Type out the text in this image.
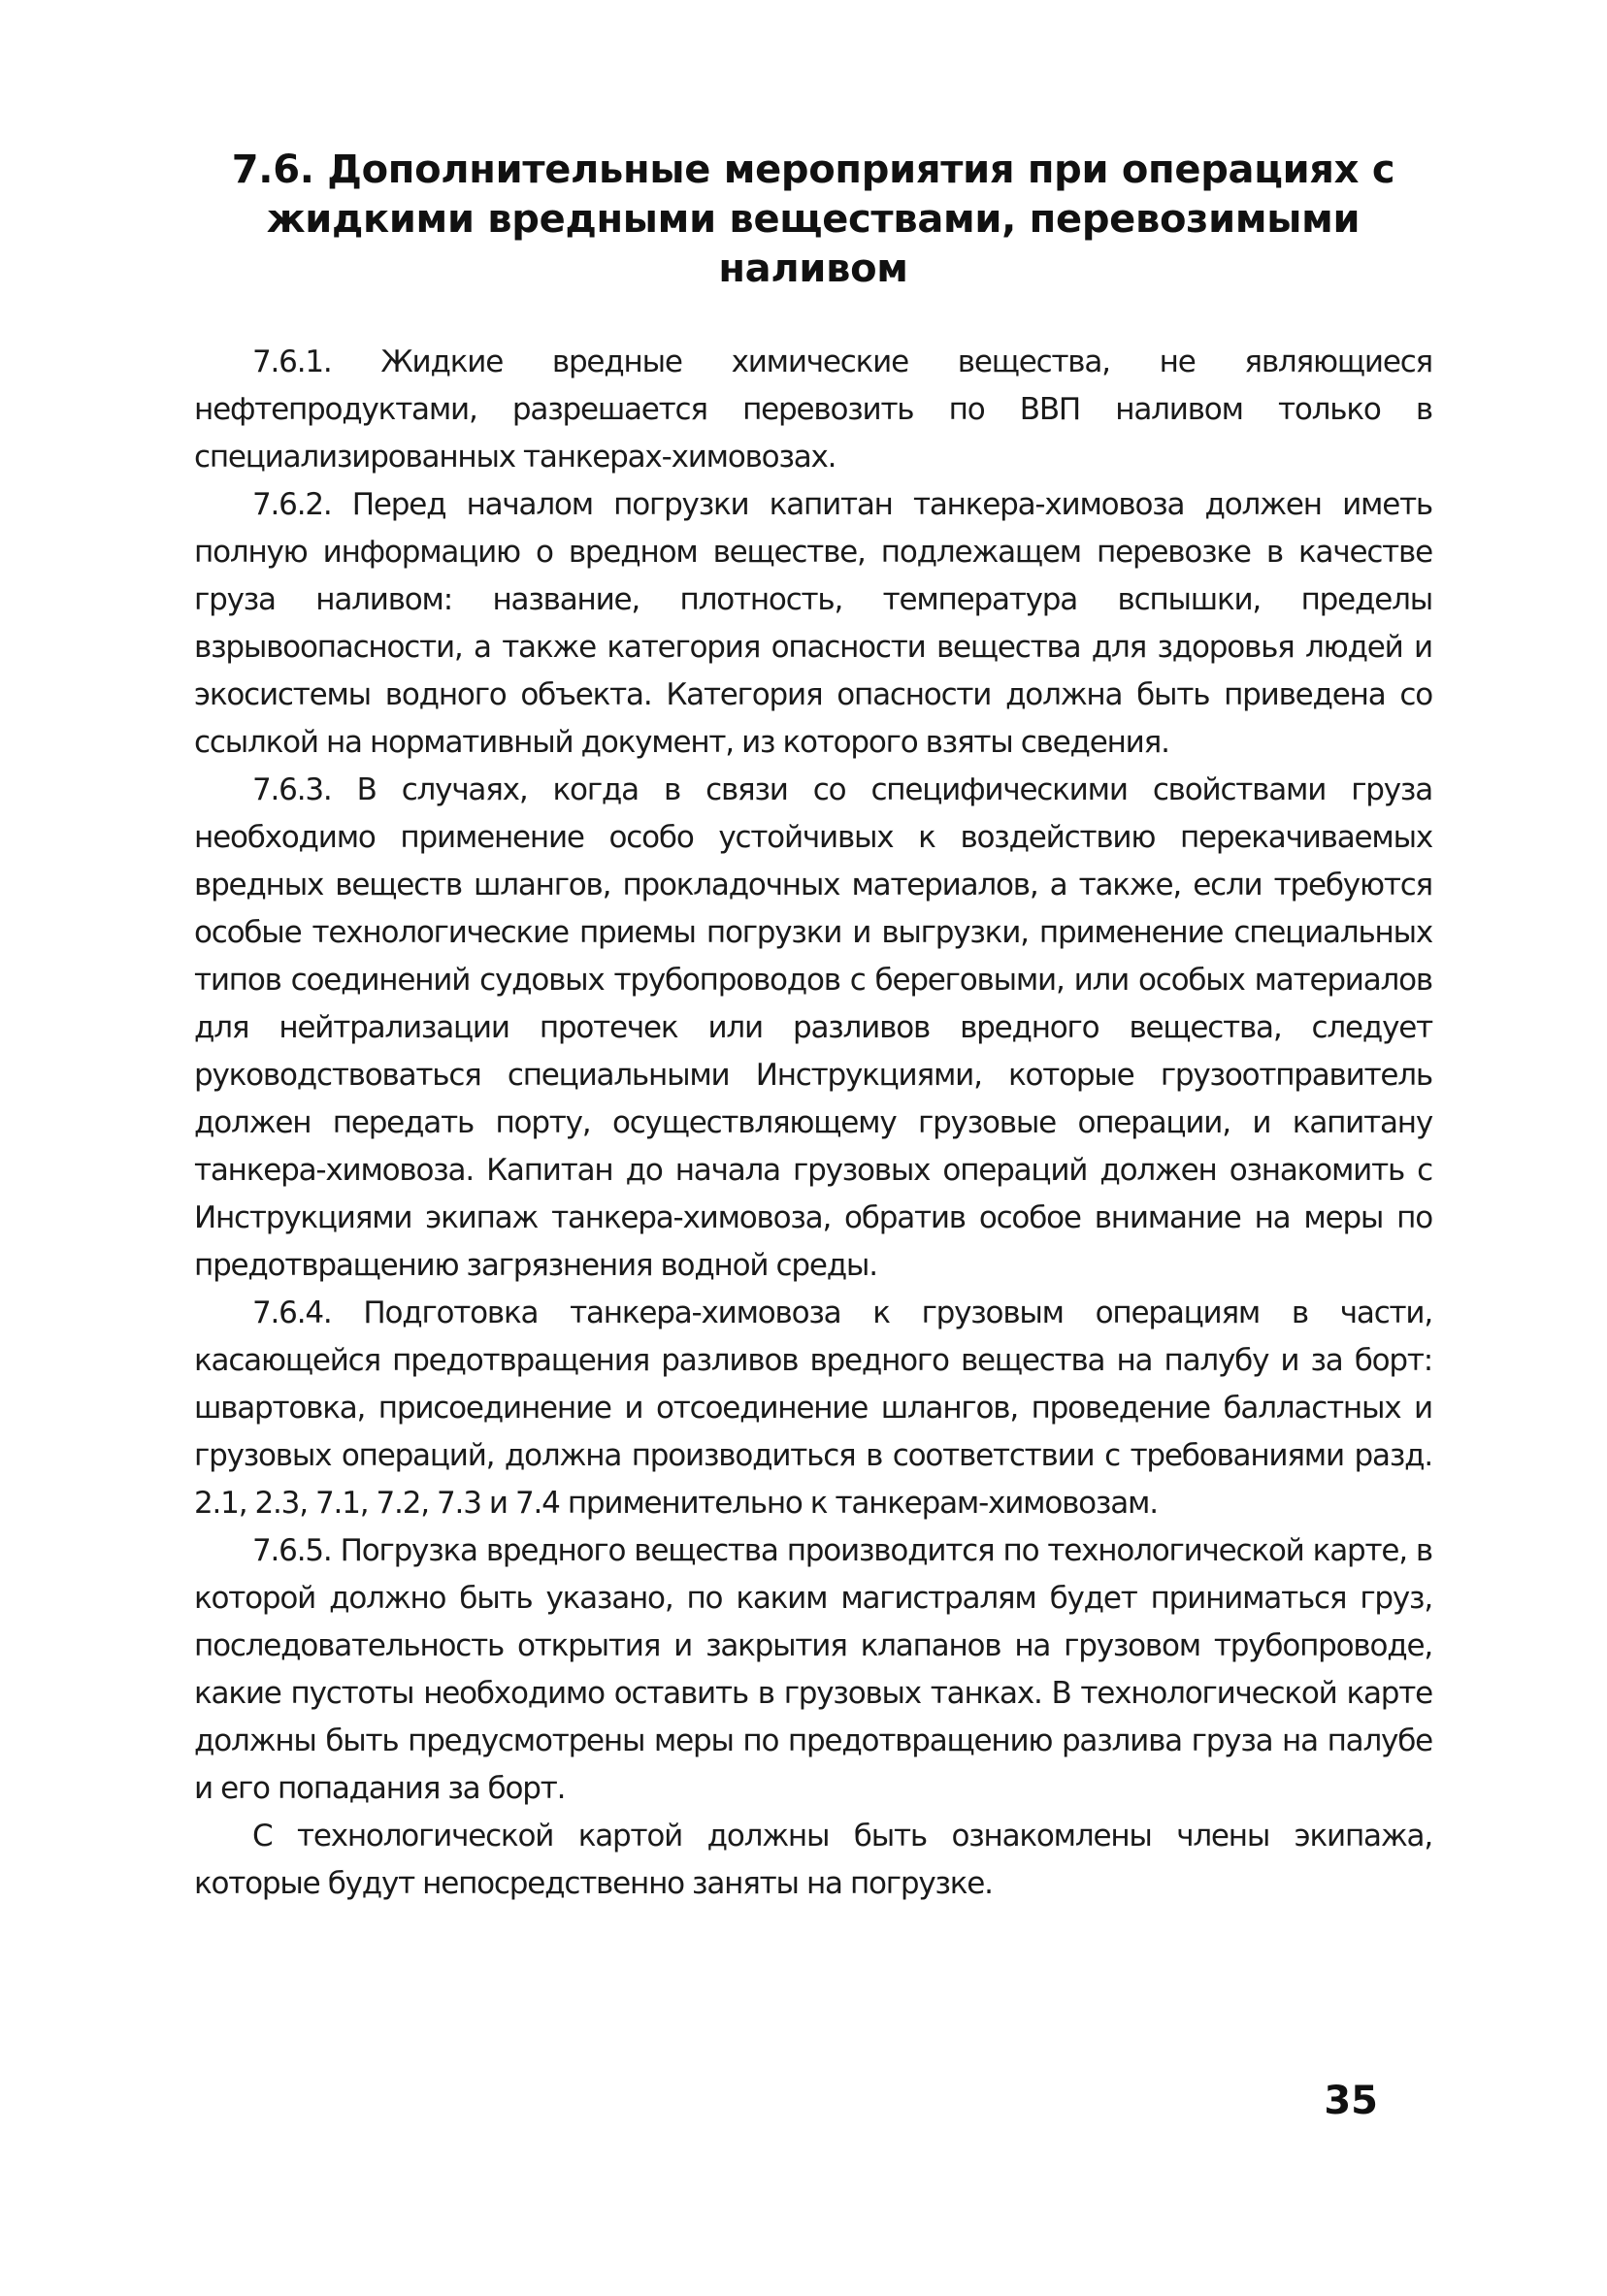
7.6. Дополнительные мероприятия при операциях с жидкими вредными веществами, перевозимыми наливом

7.6.1. Жидкие вредные химические вещества, не являющиеся нефтепродуктами, разрешается перевозить по ВВП наливом только в специализированных танкерах-химовозах.

7.6.2. Перед началом погрузки капитан танкера-химовоза должен иметь полную информацию о вредном веществе, подлежащем перевозке в качестве груза наливом: название, плотность, температура вспышки, пределы взрывоопасности, а также категория опасности вещества для здоровья людей и экосистемы водного объекта. Категория опасности должна быть приведена со ссылкой на нормативный документ, из которого взяты сведения.

7.6.3. В случаях, когда в связи со специфическими свойствами груза необходимо применение особо устойчивых к воздействию перекачиваемых вредных веществ шлангов, прокладочных материалов, а также, если требуются особые технологические приемы погрузки и выгрузки, применение специальных типов соединений судовых трубопроводов с береговыми, или особых материалов для нейтрализации протечек или разливов вредного вещества, следует руководствоваться специальными Инструкциями, которые грузоотправитель должен передать порту, осуществляющему грузовые операции, и капитану танкера-химовоза. Капитан до начала грузовых операций должен ознакомить с Инструкциями экипаж танкера-химовоза, обратив особое внимание на меры по предотвращению загрязнения водной среды.

7.6.4. Подготовка танкера-химовоза к грузовым операциям в части, касающейся предотвращения разливов вредного вещества на палубу и за борт: швартовка, присоединение и отсоединение шлангов, проведение балластных и грузовых операций, должна производиться в соответствии с требованиями разд. 2.1, 2.3, 7.1, 7.2, 7.3 и 7.4 применительно к танкерам-химовозам.

7.6.5. Погрузка вредного вещества производится по технологической карте, в которой должно быть указано, по каким магистралям будет приниматься груз, последовательность открытия и закрытия клапанов на грузовом трубопроводе, какие пустоты необходимо оставить в грузовых танках. В технологической карте должны быть предусмотрены меры по предотвращению разлива груза на палубе и его попадания за борт.

С технологической картой должны быть ознакомлены члены экипажа, которые будут непосредственно заняты на погрузке.

35
